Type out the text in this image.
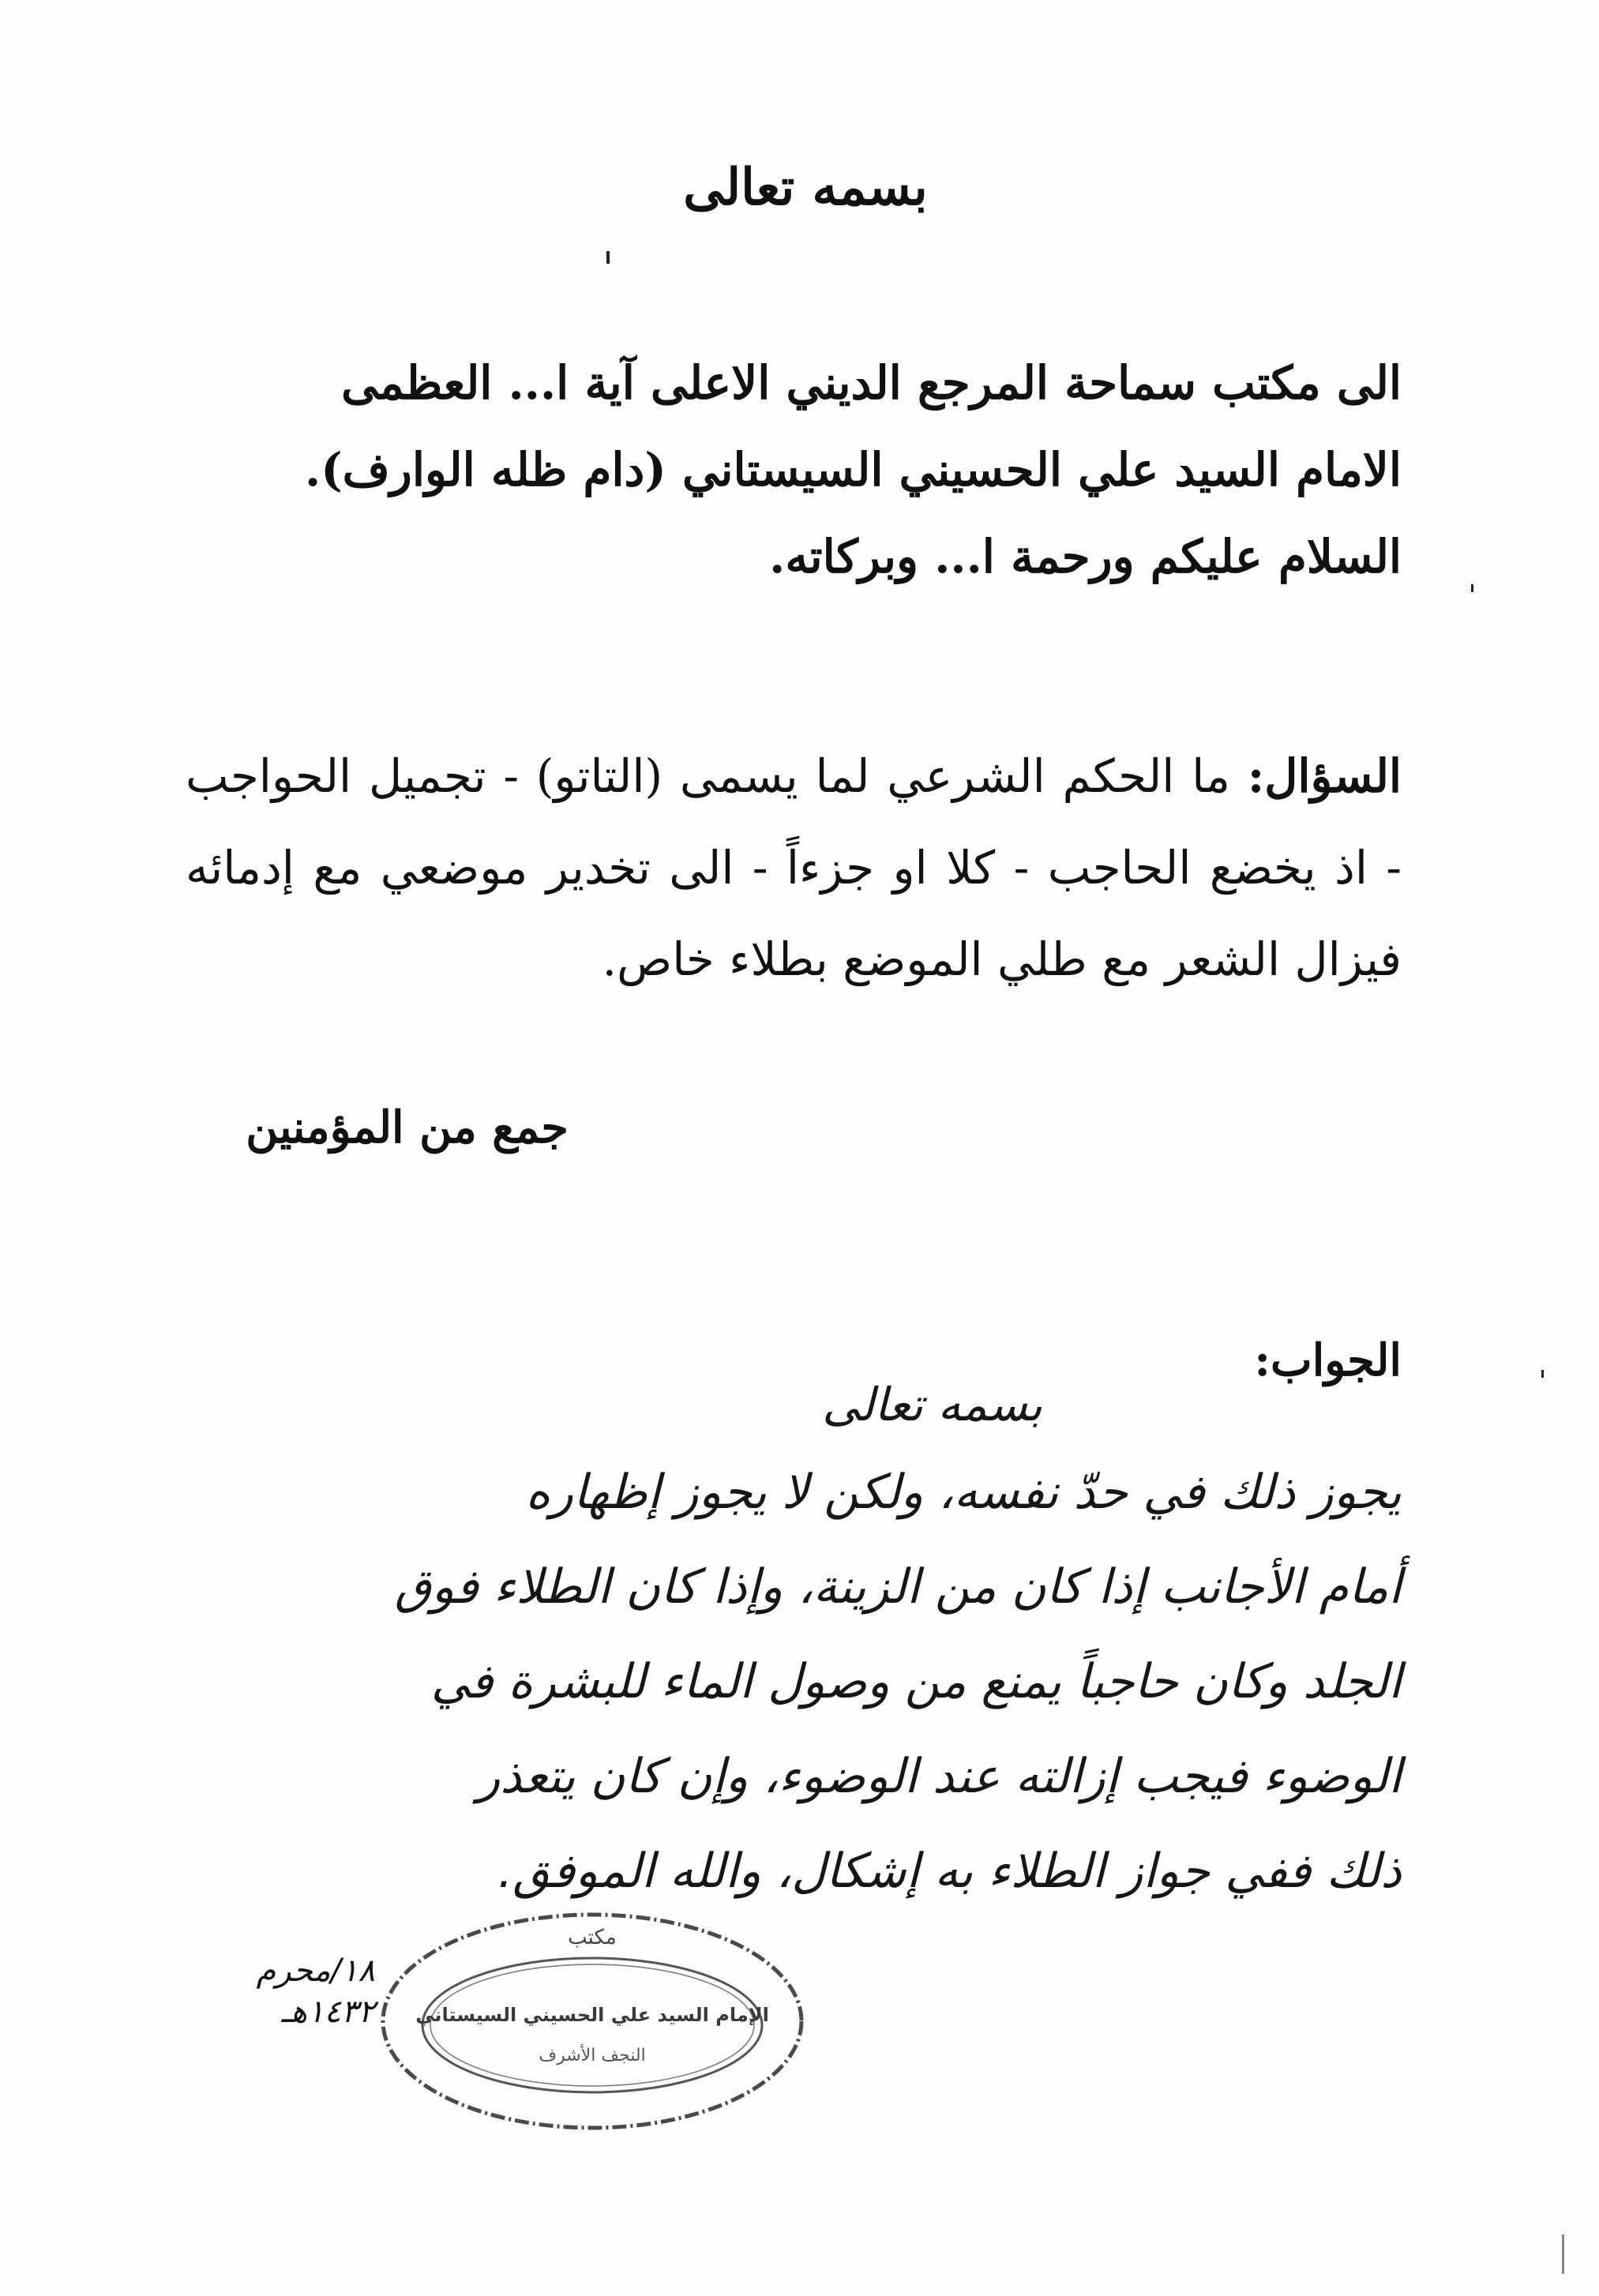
بسمه تعالى
الى مكتب سماحة المرجع الديني الاعلى آية ا... العظمى
الامام السيد علي الحسيني السيستاني (دام ظله الوارف).
السلام عليكم ورحمة ا... وبركاته.
السؤال: ما الحكم الشرعي لما يسمى (التاتو) - تجميل الحواجب - اذ يخضع الحاجب - كلا او جزءاً - الى تخدير موضعي مع إدمائه فيزال الشعر مع طلي الموضع بطلاء خاص.
جمع من المؤمنين
الجواب:
بسمه تعالى
يجوز ذلك في حدّ نفسه، ولكن لا يجوز إظهاره
أمام الأجانب إذا كان من الزينة، وإذا كان الطلاء فوق
الجلد وكان حاجباً يمنع من وصول الماء للبشرة في
الوضوء فيجب إزالته عند الوضوء، وإن كان يتعذر
ذلك ففي جواز الطلاء به إشكال، والله الموفق.
مكتب
الإمام السيد علي الحسيني السيستاني
النجف الأشرف
١٨/محرم
١٤٣٢هـ
